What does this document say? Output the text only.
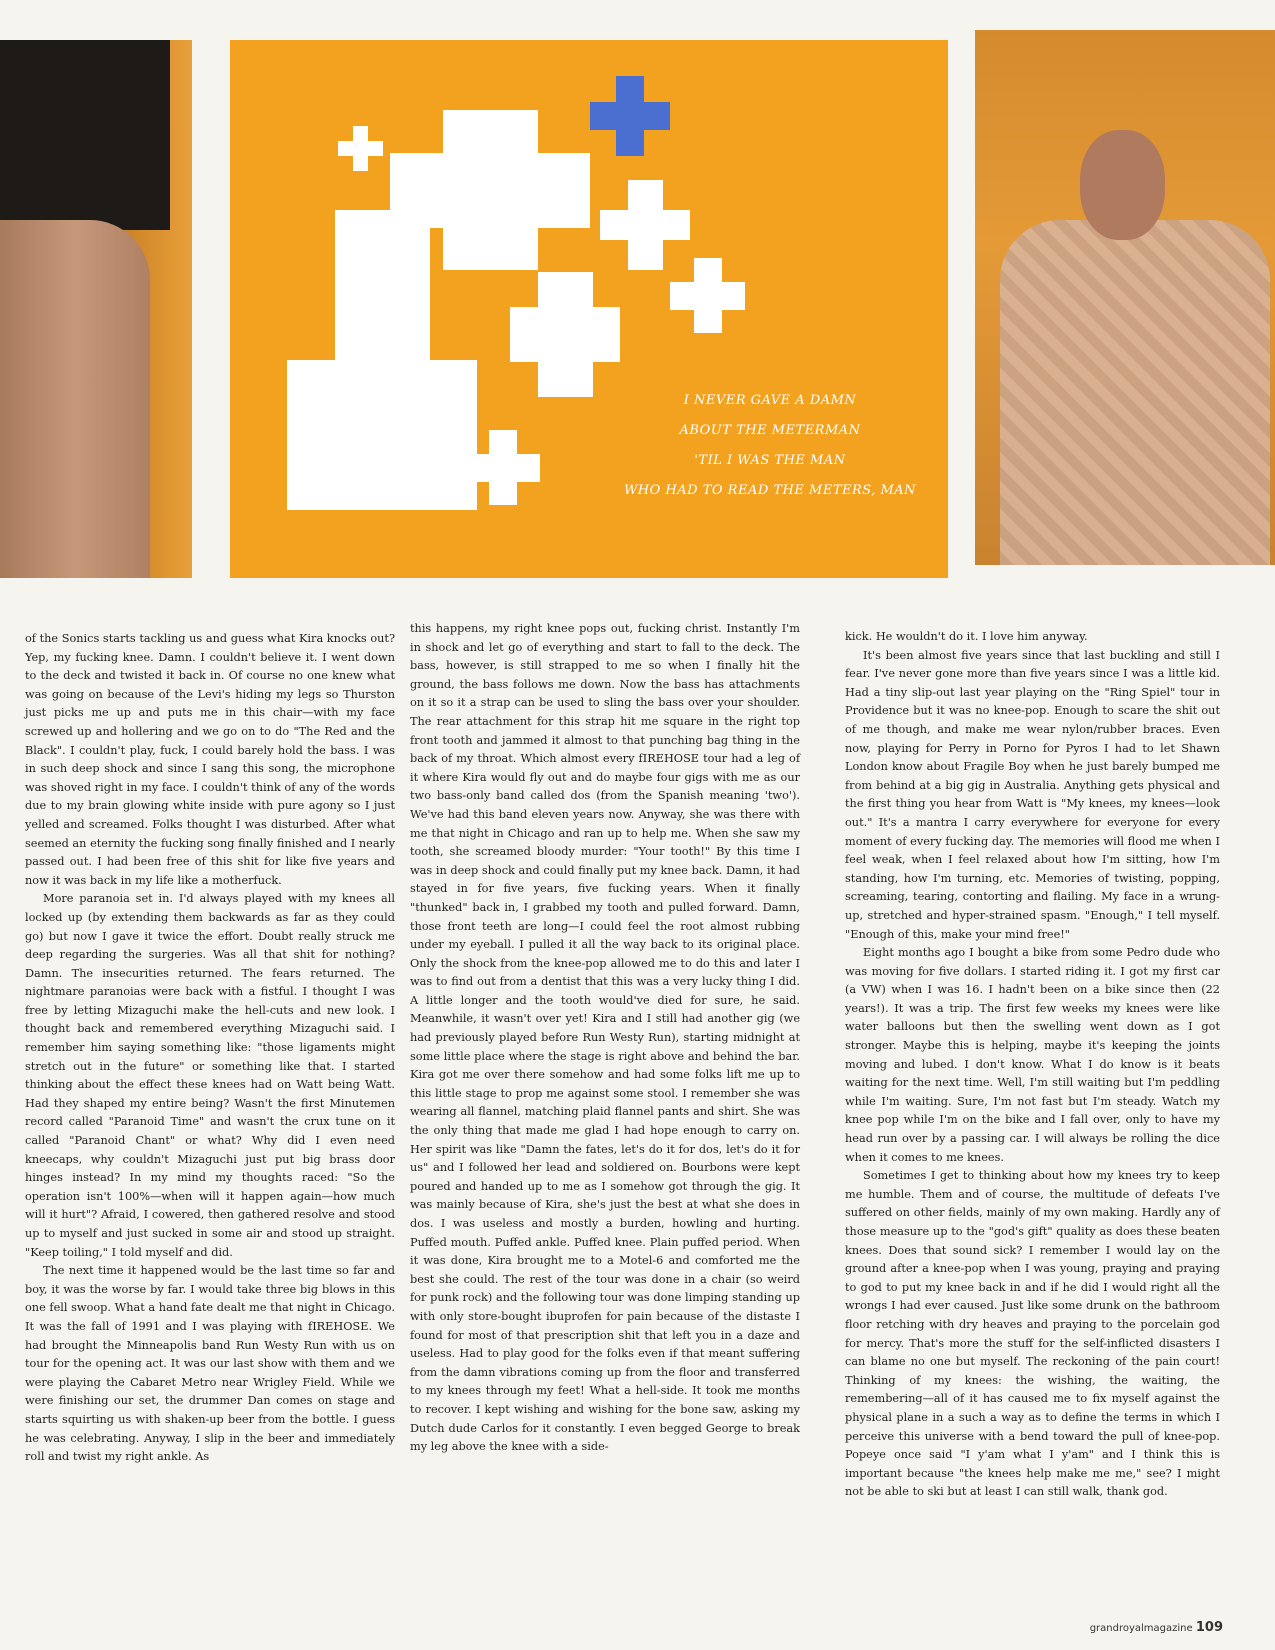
I NEVER GAVE A DAMN
ABOUT THE METERMAN
'TIL I WAS THE MAN
WHO HAD TO READ THE METERS, MAN

of the Sonics starts tackling us and guess what Kira knocks out? Yep, my fucking knee. Damn. I couldn't believe it. I went down to the deck and twisted it back in. Of course no one knew what was going on because of the Levi's hiding my legs so Thurston just picks me up and puts me in this chair—with my face screwed up and hollering and we go on to do "The Red and the Black". I couldn't play, fuck, I could barely hold the bass. I was in such deep shock and since I sang this song, the microphone was shoved right in my face. I couldn't think of any of the words due to my brain glowing white inside with pure agony so I just yelled and screamed. Folks thought I was disturbed. After what seemed an eternity the fucking song finally finished and I nearly passed out. I had been free of this shit for like five years and now it was back in my life like a motherfuck.

More paranoia set in. I'd always played with my knees all locked up (by extending them backwards as far as they could go) but now I gave it twice the effort. Doubt really struck me deep regarding the surgeries. Was all that shit for nothing? Damn. The insecurities returned. The fears returned. The nightmare paranoias were back with a fistful. I thought I was free by letting Mizaguchi make the hell-cuts and new look. I thought back and remembered everything Mizaguchi said. I remember him saying something like: "those ligaments might stretch out in the future" or something like that. I started thinking about the effect these knees had on Watt being Watt. Had they shaped my entire being? Wasn't the first Minutemen record called "Paranoid Time" and wasn't the crux tune on it called "Paranoid Chant" or what? Why did I even need kneecaps, why couldn't Mizaguchi just put big brass door hinges instead? In my mind my thoughts raced: "So the operation isn't 100%—when will it happen again—how much will it hurt"? Afraid, I cowered, then gathered resolve and stood up to myself and just sucked in some air and stood up straight. "Keep toiling," I told myself and did.

The next time it happened would be the last time so far and boy, it was the worse by far. I would take three big blows in this one fell swoop. What a hand fate dealt me that night in Chicago. It was the fall of 1991 and I was playing with fIREHOSE. We had brought the Minneapolis band Run Westy Run with us on tour for the opening act. It was our last show with them and we were playing the Cabaret Metro near Wrigley Field. While we were finishing our set, the drummer Dan comes on stage and starts squirting us with shaken-up beer from the bottle. I guess he was celebrating. Anyway, I slip in the beer and immediately roll and twist my right ankle. As

this happens, my right knee pops out, fucking christ. Instantly I'm in shock and let go of everything and start to fall to the deck. The bass, however, is still strapped to me so when I finally hit the ground, the bass follows me down. Now the bass has attachments on it so it a strap can be used to sling the bass over your shoulder. The rear attachment for this strap hit me square in the right top front tooth and jammed it almost to that punching bag thing in the back of my throat. Which almost every fIREHOSE tour had a leg of it where Kira would fly out and do maybe four gigs with me as our two bass-only band called dos (from the Spanish meaning 'two'). We've had this band eleven years now. Anyway, she was there with me that night in Chicago and ran up to help me. When she saw my tooth, she screamed bloody murder: "Your tooth!" By this time I was in deep shock and could finally put my knee back. Damn, it had stayed in for five years, five fucking years. When it finally "thunked" back in, I grabbed my tooth and pulled forward. Damn, those front teeth are long—I could feel the root almost rubbing under my eyeball. I pulled it all the way back to its original place. Only the shock from the knee-pop allowed me to do this and later I was to find out from a dentist that this was a very lucky thing I did. A little longer and the tooth would've died for sure, he said. Meanwhile, it wasn't over yet! Kira and I still had another gig (we had previously played before Run Westy Run), starting midnight at some little place where the stage is right above and behind the bar. Kira got me over there somehow and had some folks lift me up to this little stage to prop me against some stool. I remember she was wearing all flannel, matching plaid flannel pants and shirt. She was the only thing that made me glad I had hope enough to carry on. Her spirit was like "Damn the fates, let's do it for dos, let's do it for us" and I followed her lead and soldiered on. Bourbons were kept poured and handed up to me as I somehow got through the gig. It was mainly because of Kira, she's just the best at what she does in dos. I was useless and mostly a burden, howling and hurting. Puffed mouth. Puffed ankle. Puffed knee. Plain puffed period. When it was done, Kira brought me to a Motel-6 and comforted me the best she could. The rest of the tour was done in a chair (so weird for punk rock) and the following tour was done limping standing up with only store-bought ibuprofen for pain because of the distaste I found for most of that prescription shit that left you in a daze and useless. Had to play good for the folks even if that meant suffering from the damn vibrations coming up from the floor and transferred to my knees through my feet! What a hell-side. It took me months to recover. I kept wishing and wishing for the bone saw, asking my Dutch dude Carlos for it constantly. I even begged George to break my leg above the knee with a side-

kick. He wouldn't do it. I love him anyway.

It's been almost five years since that last buckling and still I fear. I've never gone more than five years since I was a little kid. Had a tiny slip-out last year playing on the "Ring Spiel" tour in Providence but it was no knee-pop. Enough to scare the shit out of me though, and make me wear nylon/rubber braces. Even now, playing for Perry in Porno for Pyros I had to let Shawn London know about Fragile Boy when he just barely bumped me from behind at a big gig in Australia. Anything gets physical and the first thing you hear from Watt is "My knees, my knees—look out." It's a mantra I carry everywhere for everyone for every moment of every fucking day. The memories will flood me when I feel weak, when I feel relaxed about how I'm sitting, how I'm standing, how I'm turning, etc. Memories of twisting, popping, screaming, tearing, contorting and flailing. My face in a wrung-up, stretched and hyper-strained spasm. "Enough," I tell myself. "Enough of this, make your mind free!"

Eight months ago I bought a bike from some Pedro dude who was moving for five dollars. I started riding it. I got my first car (a VW) when I was 16. I hadn't been on a bike since then (22 years!). It was a trip. The first few weeks my knees were like water balloons but then the swelling went down as I got stronger. Maybe this is helping, maybe it's keeping the joints moving and lubed. I don't know. What I do know is it beats waiting for the next time. Well, I'm still waiting but I'm peddling while I'm waiting. Sure, I'm not fast but I'm steady. Watch my knee pop while I'm on the bike and I fall over, only to have my head run over by a passing car. I will always be rolling the dice when it comes to me knees.

Sometimes I get to thinking about how my knees try to keep me humble. Them and of course, the multitude of defeats I've suffered on other fields, mainly of my own making. Hardly any of those measure up to the "god's gift" quality as does these beaten knees. Does that sound sick? I remember I would lay on the ground after a knee-pop when I was young, praying and praying to god to put my knee back in and if he did I would right all the wrongs I had ever caused. Just like some drunk on the bathroom floor retching with dry heaves and praying to the porcelain god for mercy. That's more the stuff for the self-inflicted disasters I can blame no one but myself. The reckoning of the pain court! Thinking of my knees: the wishing, the waiting, the remembering—all of it has caused me to fix myself against the physical plane in a such a way as to define the terms in which I perceive this universe with a bend toward the pull of knee-pop. Popeye once said "I y'am what I y'am" and I think this is important because "the knees help make me me," see? I might not be able to ski but at least I can still walk, thank god.

grandroyalmagazine 109
